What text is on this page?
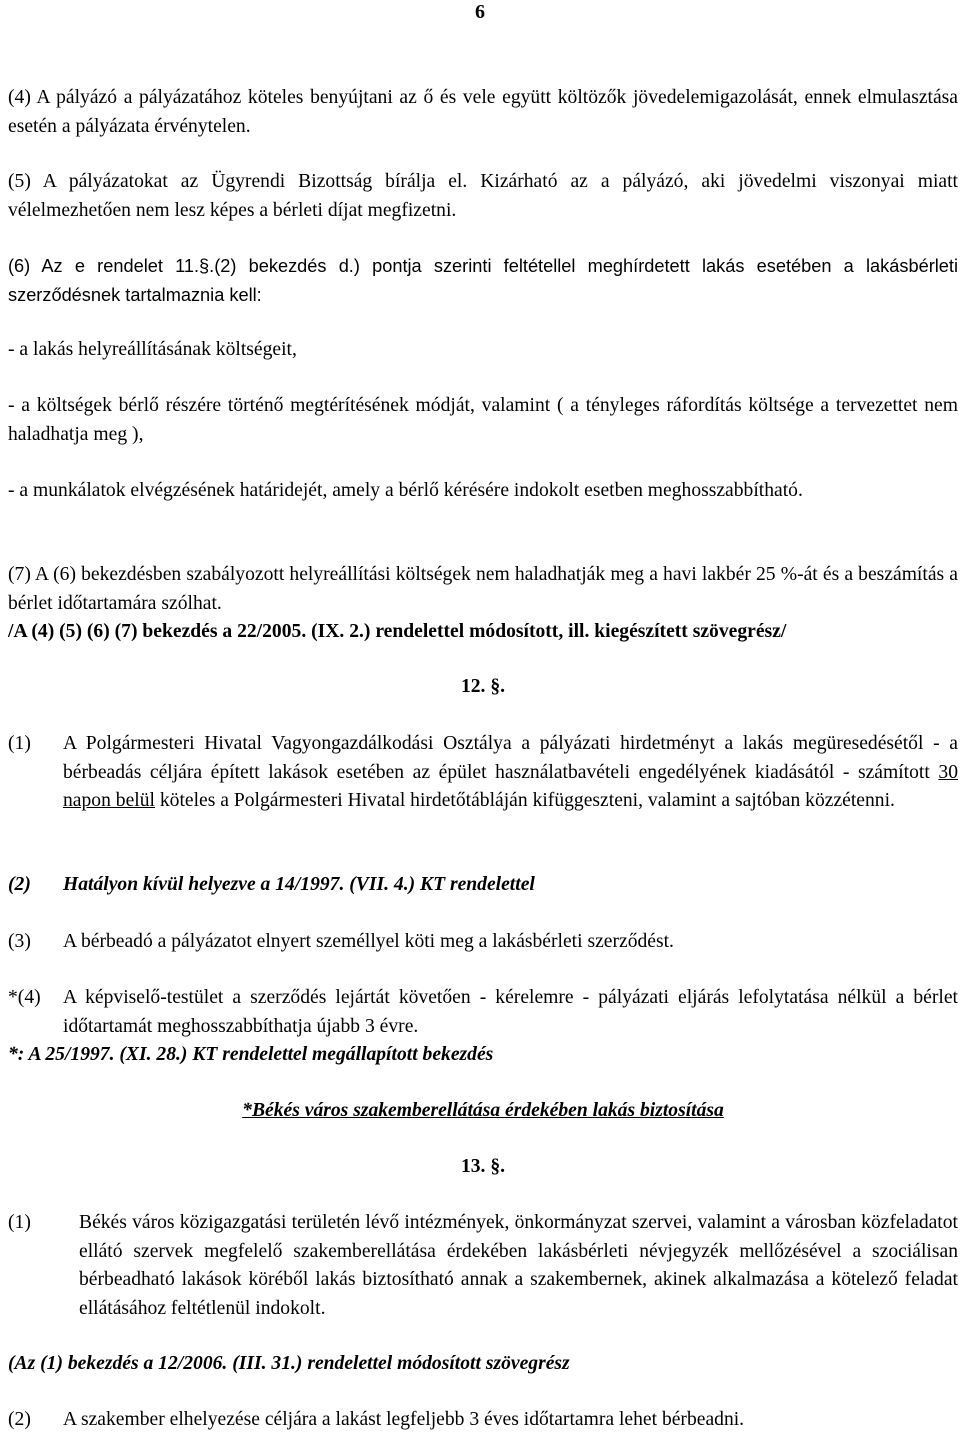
6

(4) A pályázó a pályázatához köteles benyújtani az ő és vele együtt költözők jövedelemigazolását, ennek elmulasztása esetén a pályázata érvénytelen.

(5) A pályázatokat az Ügyrendi Bizottság bírálja el. Kizárható az a pályázó, aki jövedelmi viszonyai miatt vélelmezhetően nem lesz képes a bérleti díjat megfizetni.

(6) Az e rendelet 11.§.(2) bekezdés d.) pontja szerinti feltétellel meghírdetett lakás esetében a lakásbérleti szerződésnek tartalmaznia kell:

- a lakás helyreállításának költségeit,

- a költségek bérlő részére történő megtérítésének módját, valamint ( a tényleges ráfordítás költsége a tervezettet nem haladhatja meg ),

- a munkálatok elvégzésének határidejét, amely a bérlő kérésére indokolt esetben meghosszabbítható.

(7) A (6) bekezdésben szabályozott helyreállítási költségek nem haladhatják meg a havi lakbér 25 %-át és a beszámítás a bérlet időtartamára szólhat.

/A (4) (5) (6) (7) bekezdés a 22/2005. (IX. 2.) rendelettel módosított, ill. kiegészített szövegrész/

12. §.

(1) A Polgármesteri Hivatal Vagyongazdálkodási Osztálya a pályázati hirdetményt a lakás megüresedésétől - a bérbeadás céljára épített lakások esetében az épület használatbavételi engedélyének kiadásától - számított 30 napon belül köteles a Polgármesteri Hivatal hirdetőtábláján kifüggeszteni, valamint a sajtóban közzétenni.

(2) Hatályon kívül helyezve a 14/1997. (VII. 4.) KT rendelettel

(3) A bérbeadó a pályázatot elnyert személlyel köti meg a lakásbérleti szerződést.

*(4) A képviselő-testület a szerződés lejártát követően - kérelemre - pályázati eljárás lefolytatása nélkül a bérlet időtartamát meghosszabbíthatja újabb 3 évre.

*: A 25/1997. (XI. 28.) KT rendelettel megállapított bekezdés

*Békés város szakemberellátása érdekében lakás biztosítása

13. §.

(1) Békés város közigazgatási területén lévő intézmények, önkormányzat szervei, valamint a városban közfeladatot ellátó szervek megfelelő szakemberellátása érdekében lakásbérleti névjegyzék mellőzésével a szociálisan bérbeadható lakások köréből lakás biztosítható annak a szakembernek, akinek alkalmazása a kötelező feladat ellátásához feltétlenül indokolt.

(Az (1) bekezdés a 12/2006. (III. 31.) rendelettel módosított szövegrész

(2) A szakember elhelyezése céljára a lakást legfeljebb 3 éves időtartamra lehet bérbeadni.
